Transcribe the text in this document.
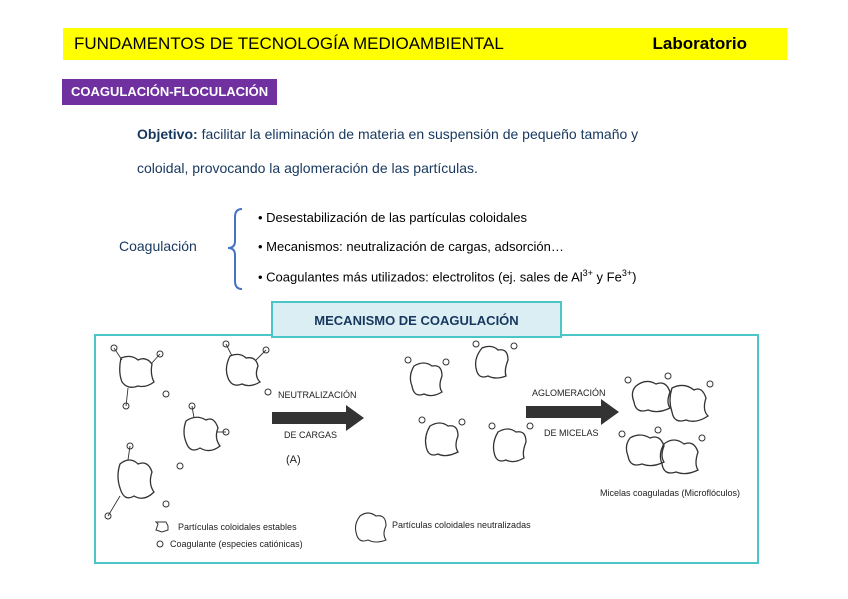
FUNDAMENTOS DE TECNOLOGÍA MEDIOAMBIENTAL	Laboratorio
COAGULACIÓN-FLOCULACIÓN
Objetivo: facilitar la eliminación de materia en suspensión de pequeño tamaño y
coloidal, provocando la aglomeración de las partículas.
Coagulación
• Desestabilización de las partículas coloidales
• Mecanismos: neutralización de cargas, adsorción…
• Coagulantes más utilizados: electrolitos (ej. sales de $Al^{3+}$ y $Fe^{3+}$)
NEUTRALIZACIÓN
DE CARGAS
(A)
AGLOMERACIÓN
DE MICELAS
Micelas coaguladas (Microflóculos)
Partículas coloidales estables
Coagulante (especies catiónicas)
Partículas coloidales neutralizadas
MECANISMO DE COAGULACIÓN
